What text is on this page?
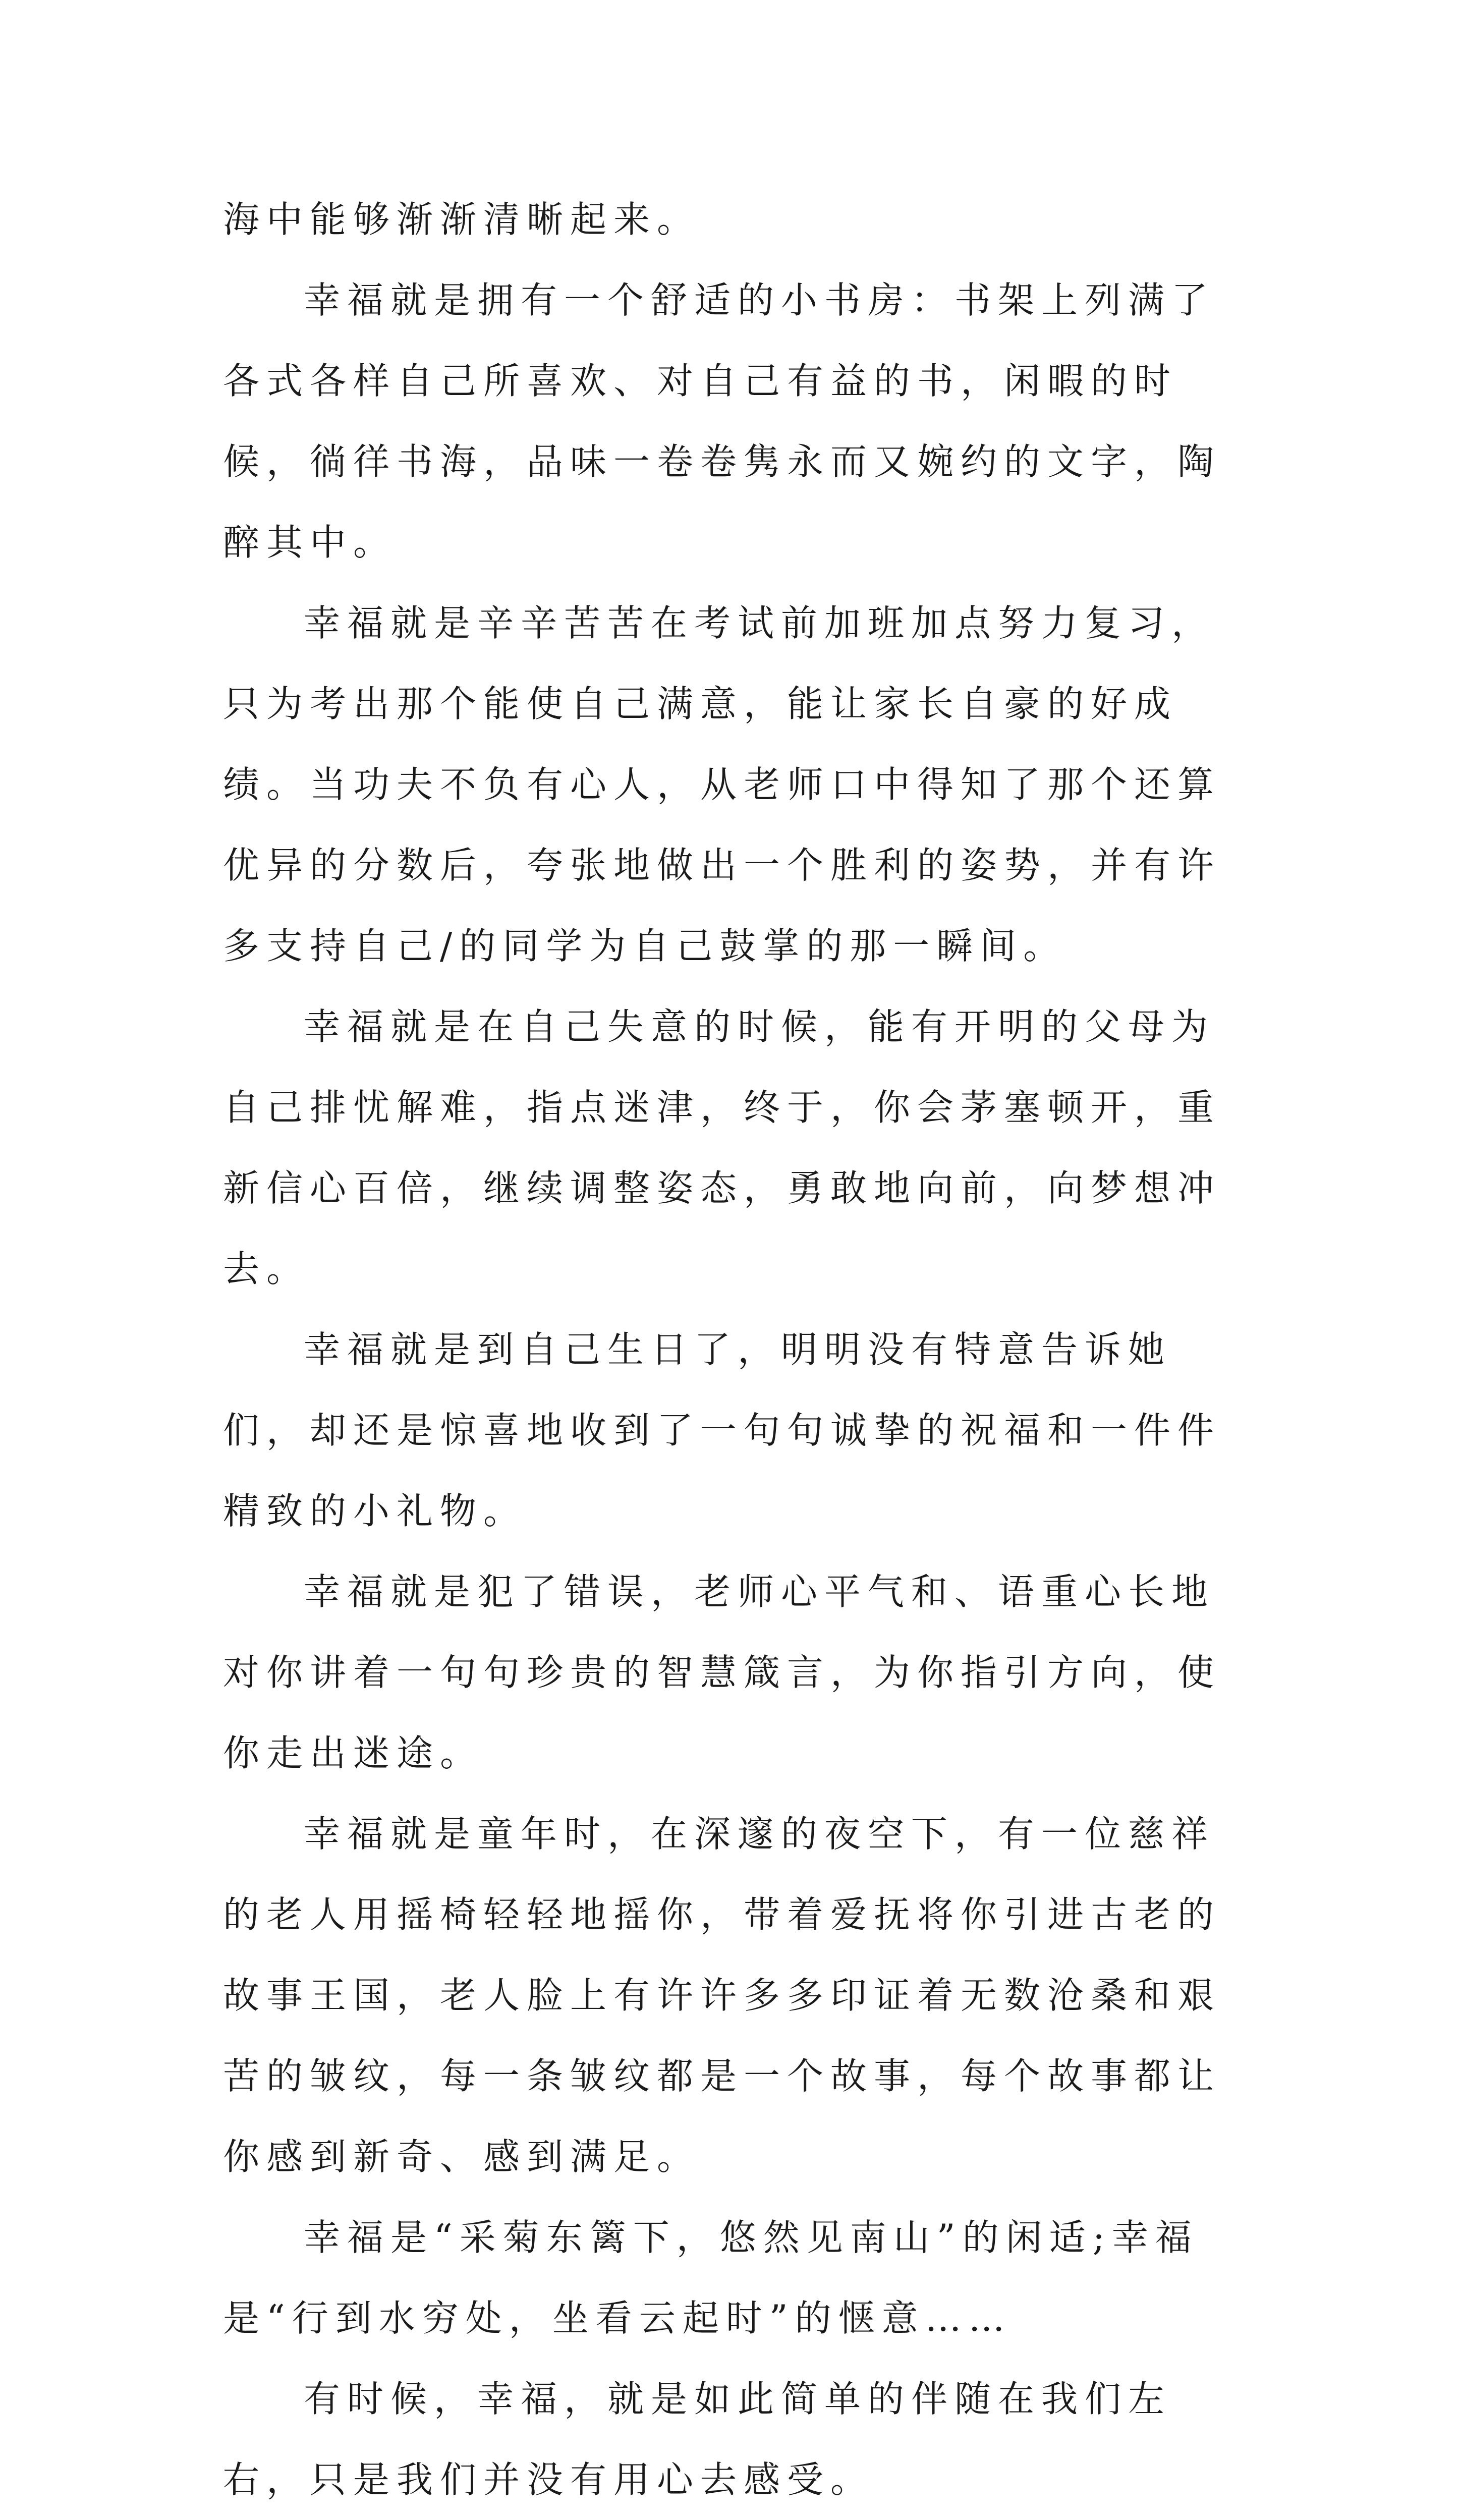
海中能够渐渐清晰起来。

幸福就是拥有一个舒适的小书房：书架上列满了各式各样自己所喜欢、对自己有益的书，闲暇的时候，徜徉书海，品味一卷卷隽永而又婉约的文字，陶醉其中。

幸福就是辛辛苦苦在考试前加班加点努力复习，只为考出那个能使自己满意，能让家长自豪的好成绩。当功夫不负有心人，从老师口中得知了那个还算优异的分数后，夸张地做出一个胜利的姿势，并有许多支持自己/的同学为自己鼓掌的那一瞬间。

幸福就是在自己失意的时候，能有开明的父母为自己排忧解难，指点迷津，终于，你会茅塞顿开，重新信心百倍，继续调整姿态，勇敢地向前，向梦想冲去。

幸福就是到自己生日了，明明没有特意告诉她们，却还是惊喜地收到了一句句诚挚的祝福和一件件精致的小礼物。

幸福就是犯了错误，老师心平气和、语重心长地对你讲着一句句珍贵的智慧箴言，为你指引方向，使你走出迷途。

幸福就是童年时，在深邃的夜空下，有一位慈祥的老人用摇椅轻轻地摇你，带着爱抚将你引进古老的故事王国，老人脸上有许许多多印证着无数沧桑和艰苦的皱纹，每一条皱纹都是一个故事，每个故事都让你感到新奇、感到满足。

幸福是“采菊东篱下，悠然见南山”的闲适;幸福是“行到水穷处，坐看云起时”的惬意……

有时候，幸福，就是如此简单的伴随在我们左右，只是我们并没有用心去感受。
